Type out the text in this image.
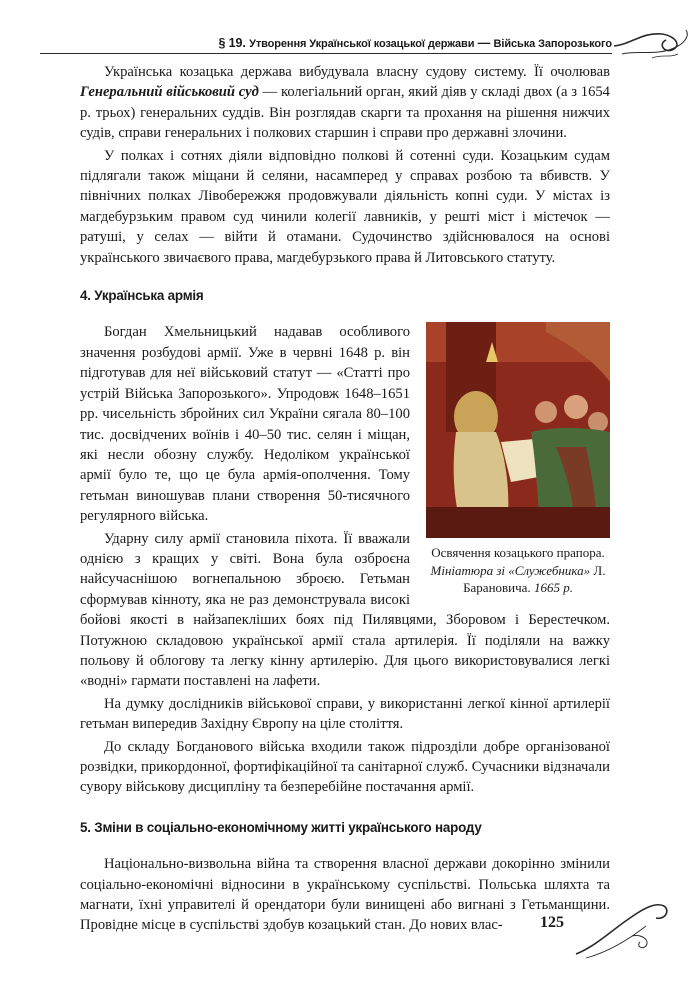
§ 19. Утворення Української козацької держави — Війська Запорозького

Українська козацька держава вибудувала власну судову систему. Її очолював Генеральний військовий суд — колегіальний орган, який діяв у складі двох (а з 1654 р. трьох) генеральних суддів. Він розглядав скарги та прохання на рішення нижчих судів, справи генеральних і полкових старшин і справи про державні злочини.

У полках і сотнях діяли відповідно полкові й сотенні суди. Козацьким судам підлягали також міщани й селяни, насамперед у справах розбою та вбивств. У північних полках Лівобережжя продовжували діяльність копні суди. У містах із магдебурзьким правом суд чинили колегії лавників, у решті міст і містечок — ратуші, у селах — війти й отамани. Судочинство здійснювалося на основі українського звичаєвого права, магдебурзького права й Литовського статуту.

4. Українська армія
Освячення козацького прапора. Мініатюра зі «Служебника» Л. Барановича. 1665 р.

Богдан Хмельницький надавав особливого значення розбудові армії. Уже в червні 1648 р. він підготував для неї військовий статут — «Статті про устрій Війська Запорозького». Упродовж 1648–1651 рр. чисельність збройних сил України сягала 80–100 тис. досвідчених воїнів і 40–50 тис. селян і міщан, які несли обозну службу. Недоліком української армії було те, що це була армія-ополчення. Тому гетьман виношував плани створення 50-тисячного регулярного війська.

Ударну силу армії становила піхота. Її вважали однією з кращих у світі. Вона була озброєна найсучаснішою вогнепальною зброєю. Гетьман сформував кінноту, яка не раз демонструвала високі бойові якості в найзапекліших боях під Пилявцями, Зборовом і Берестечком. Потужною складовою української армії стала артилерія. Її поділяли на важку польову й облогову та легку кінну артилерію. Для цього використовувалися легкі «водні» гармати поставлені на лафети.

На думку дослідників військової справи, у використанні легкої кінної артилерії гетьман випередив Західну Європу на ціле століття.

До складу Богданового війська входили також підрозділи добре організованої розвідки, прикордонної, фортифікаційної та санітарної служб. Сучасники відзначали сувору військову дисципліну та безперебійне постачання армії.

5. Зміни в соціально-економічному житті українського народу

Національно-визвольна війна та створення власної держави докорінно змінили соціально-економічні відносини в українському суспільстві. Польська шляхта та магнати, їхні управителі й орендатори були винищені або вигнані з Гетьманщини. Провідне місце в суспільстві здобув козацький стан. До нових влас-	125
